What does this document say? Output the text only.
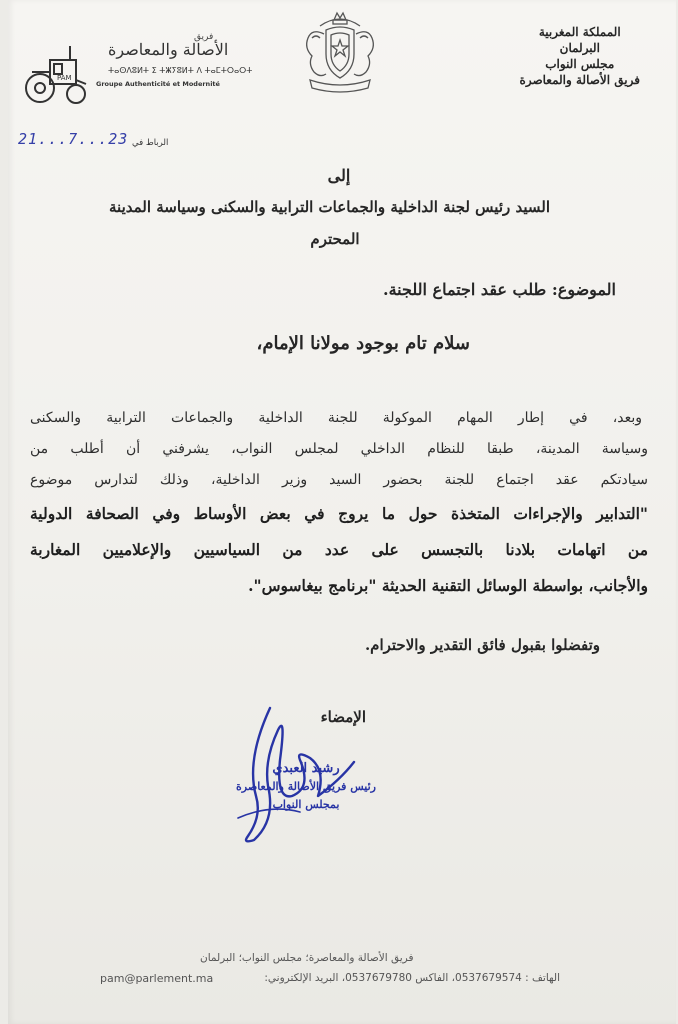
المملكة المغربية
البرلمان
مجلس النواب
فريق الأصالة والمعاصرة
PAM
فريق
الأصالة والمعاصرة
ⵜⴰⵙⴷⵓⵍⵜ ⵉ ⵜⵥⵢⵓⵍⵜ ⴷ ⵜⴰⵎⵜⵔⴰⵔⵜ
Groupe Authenticité et Modernité
21...7...23 الرباط في
إلى
السيد رئيس لجنة الداخلية والجماعات الترابية والسكنى وسياسة المدينة
المحترم
الموضوع: طلب عقد اجتماع اللجنة.
سلام تام بوجود مولانا الإمام،
وبعد، في إطار المهام الموكولة للجنة الداخلية والجماعات الترابية والسكنى
وسياسة المدينة، طبقا للنظام الداخلي لمجلس النواب، يشرفني أن أطلب من
سيادتكم عقد اجتماع للجنة بحضور السيد وزير الداخلية، وذلك لتدارس موضوع
"التدابير والإجراءات المتخذة حول ما يروج في بعض الأوساط وفي الصحافة الدولية
من اتهامات بلادنا بالتجسس على عدد من السياسيين والإعلاميين المغاربة
والأجانب، بواسطة الوسائل التقنية الحديثة "برنامج بيغاسوس".
وتفضلوا بقبول فائق التقدير والاحترام.
الإمضاء
رشيد العبدي
رئيس فريق الأصالة والمعاصرة
بمجلس النواب
فريق الأصالة والمعاصرة؛ مجلس النواب؛ البرلمان
الهاتف : 0537679574، الفاكس 0537679780، البريد الإلكتروني:
pam@parlement.ma
